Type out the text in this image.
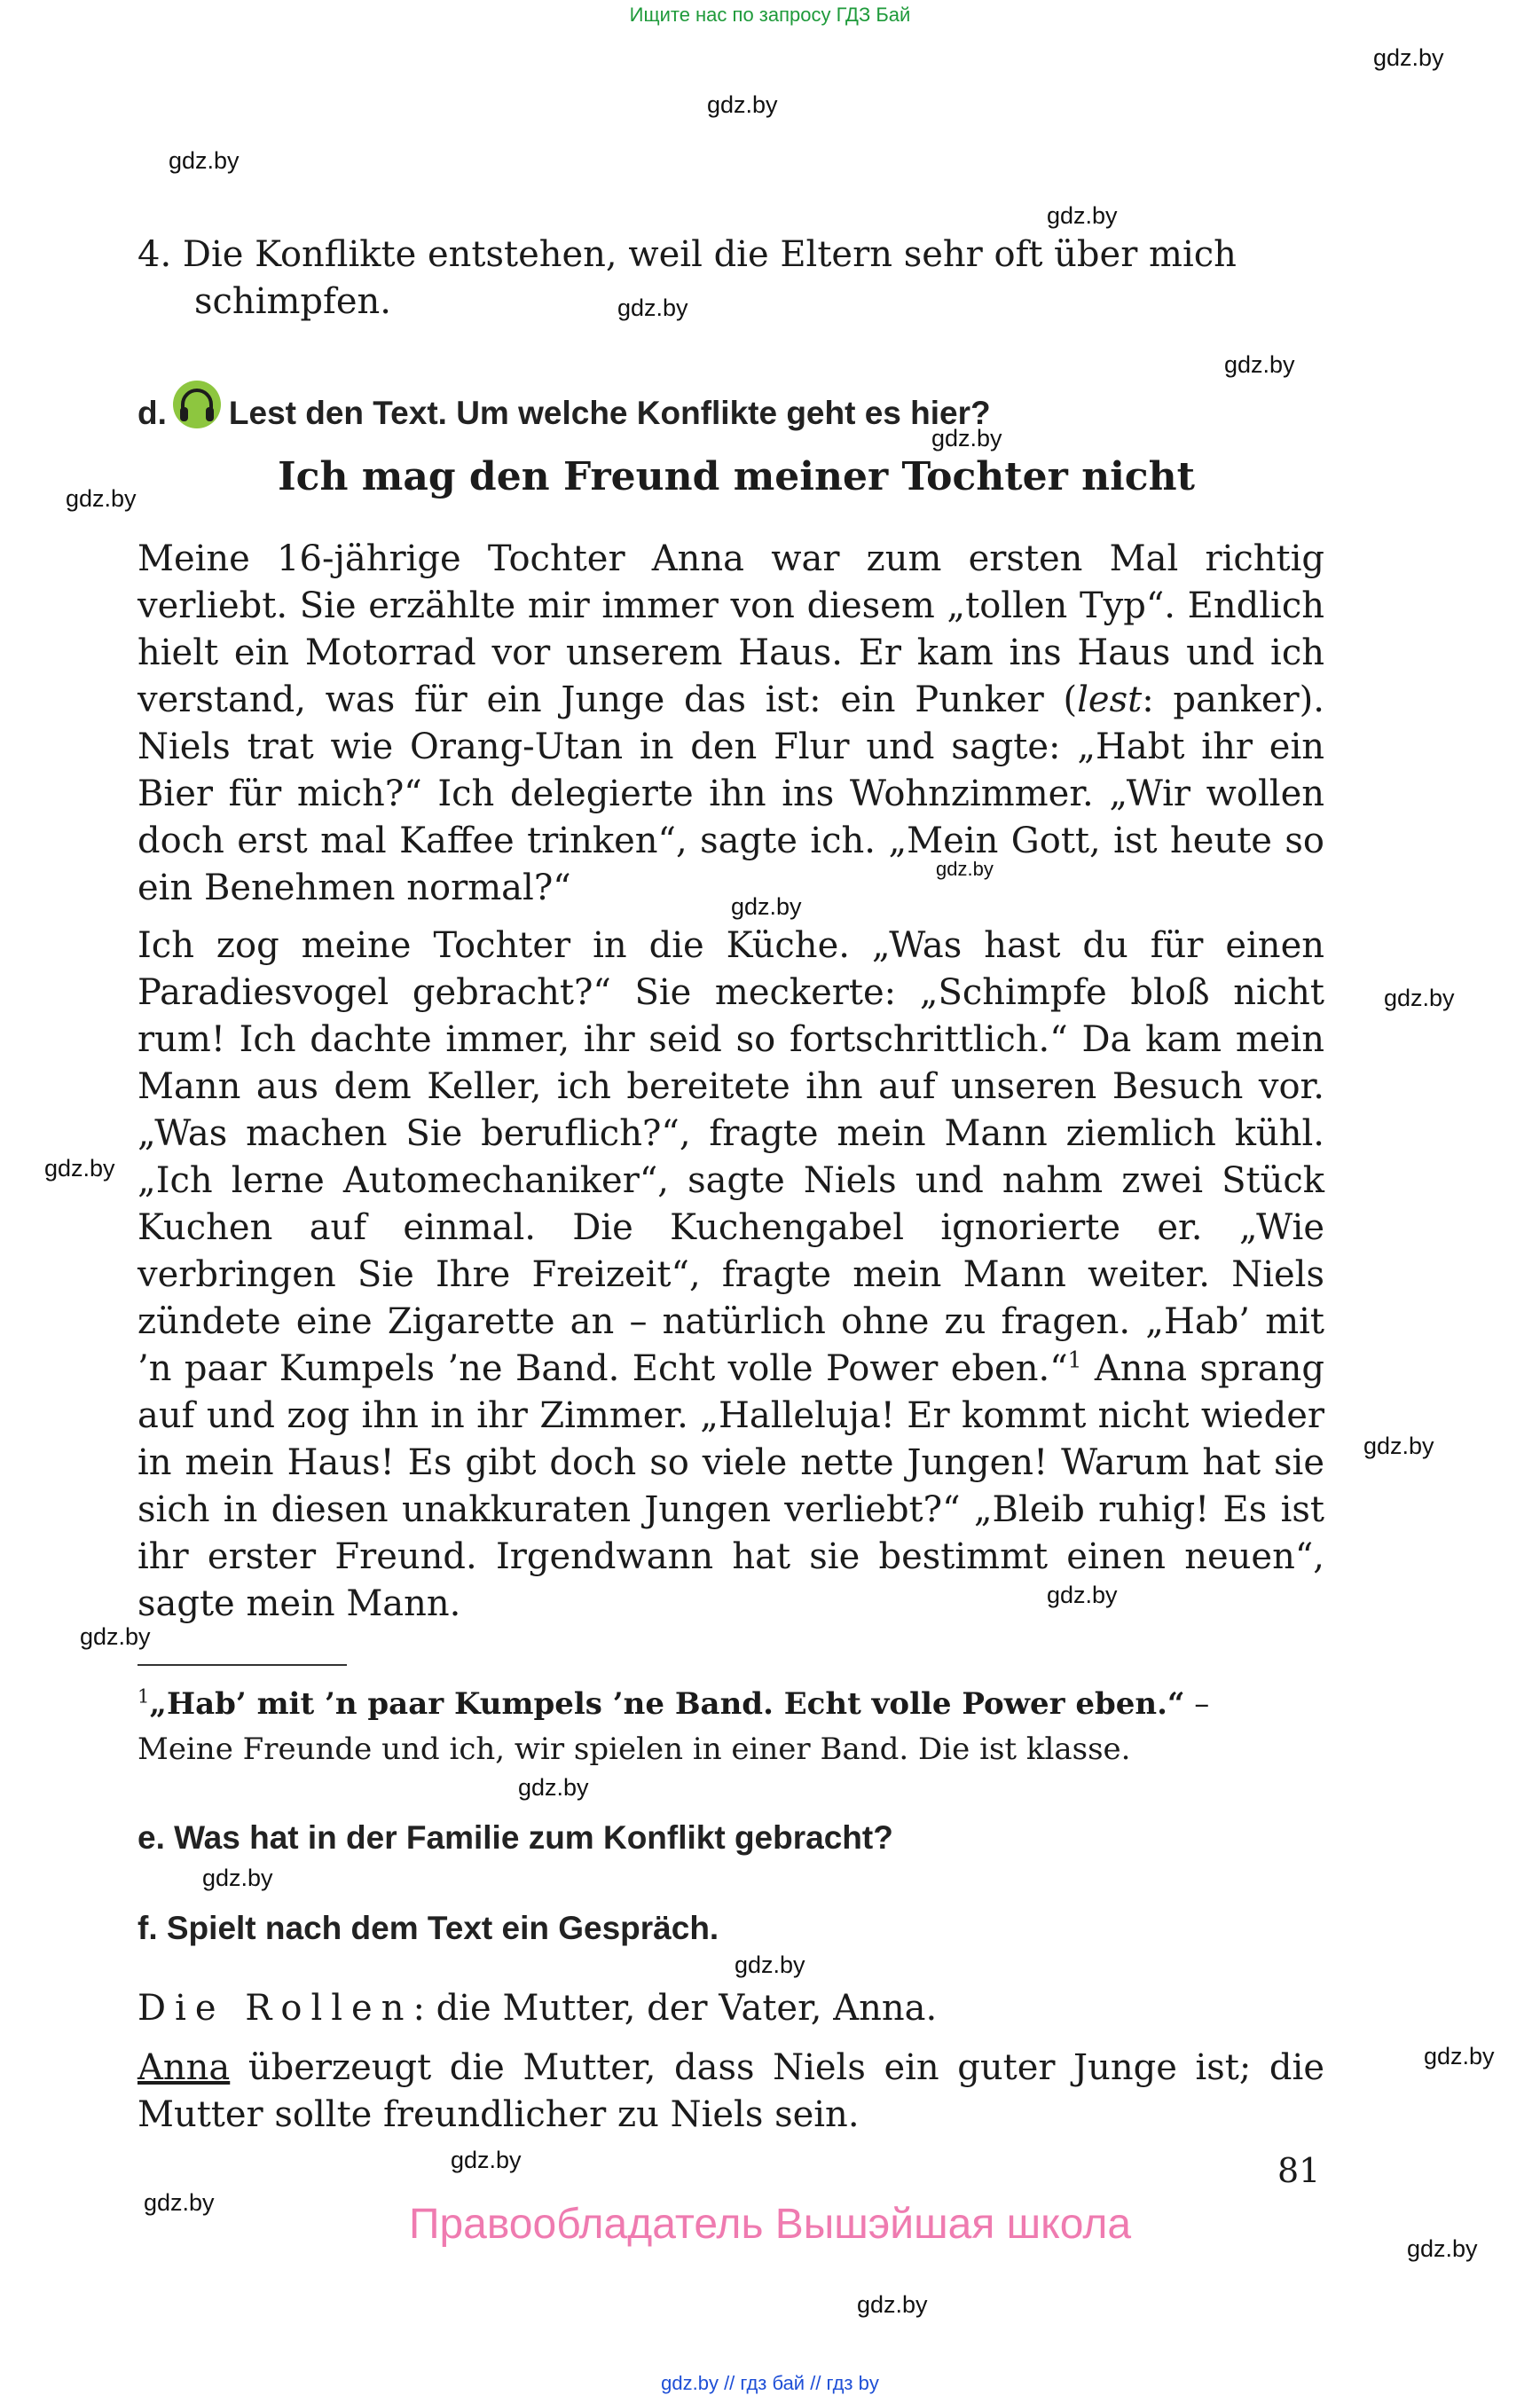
Ищите нас по запросу ГДЗ Бай
gdz.by
gdz.by
gdz.by
gdz.by
gdz.by
gdz.by
gdz.by
gdz.by
gdz.by
gdz.by
gdz.by
gdz.by
gdz.by
gdz.by
gdz.by
gdz.by
gdz.by
gdz.by
gdz.by
gdz.by
gdz.by
gdz.by
gdz.by
4. Die Konflikte entstehen, weil die Eltern sehr oft über mich schimpfen.
d. Lest den Text. Um welche Konflikte geht es hier?
Ich mag den Freund meiner Tochter nicht

Meine 16-jährige Tochter Anna war zum ersten Mal richtig verliebt. Sie erzählte mir immer von diesem „tollen Typ“. Endlich hielt ein Motorrad vor unserem Haus. Er kam ins Haus und ich verstand, was für ein Junge das ist: ein Punker (lest: panker). Niels trat wie Orang-Utan in den Flur und sagte: „Habt ihr ein Bier für mich?“ Ich delegierte ihn ins Wohnzimmer. „Wir wollen doch erst mal Kaffee trinken“, sagte ich. „Mein Gott, ist heute so ein Benehmen normal?“

Ich zog meine Tochter in die Küche. „Was hast du für einen Paradiesvogel gebracht?“ Sie meckerte: „Schimpfe bloß nicht rum! Ich dachte immer, ihr seid so fortschrittlich.“ Da kam mein Mann aus dem Keller, ich bereitete ihn auf unseren Besuch vor. „Was machen Sie beruflich?“, fragte mein Mann ziemlich kühl. „Ich lerne Automechaniker“, sagte Niels und nahm zwei Stück Kuchen auf einmal. Die Kuchengabel ignorierte er. „Wie verbringen Sie Ihre Freizeit“, fragte mein Mann weiter. Niels zündete eine Zigarette an – natürlich ohne zu fragen. „Hab’ mit ’n paar Kumpels ’ne Band. Echt volle Power eben.“$^1$ Anna sprang auf und zog ihn in ihr Zimmer. „Halleluja! Er kommt nicht wieder in mein Haus! Es gibt doch so viele nette Jungen! Warum hat sie sich in diesen unakkuraten Jungen verliebt?“ „Bleib ruhig! Es ist ihr erster Freund. Irgendwann hat sie bestimmt einen neuen“, sagte mein Mann.

$^1$„Hab’ mit ’n paar Kumpels ’ne Band. Echt volle Power eben.“ –
Meine Freunde und ich, wir spielen in einer Band. Die ist klasse.
e. Was hat in der Familie zum Konflikt gebracht?
f. Spielt nach dem Text ein Gespräch.
Die Rollen: die Mutter, der Vater, Anna.
Anna überzeugt die Mutter, dass Niels ein guter Junge ist; die Mutter sollte freundlicher zu Niels sein.
81
Правообладатель Вышэйшая школа
gdz.by // гдз бай // гдз by
